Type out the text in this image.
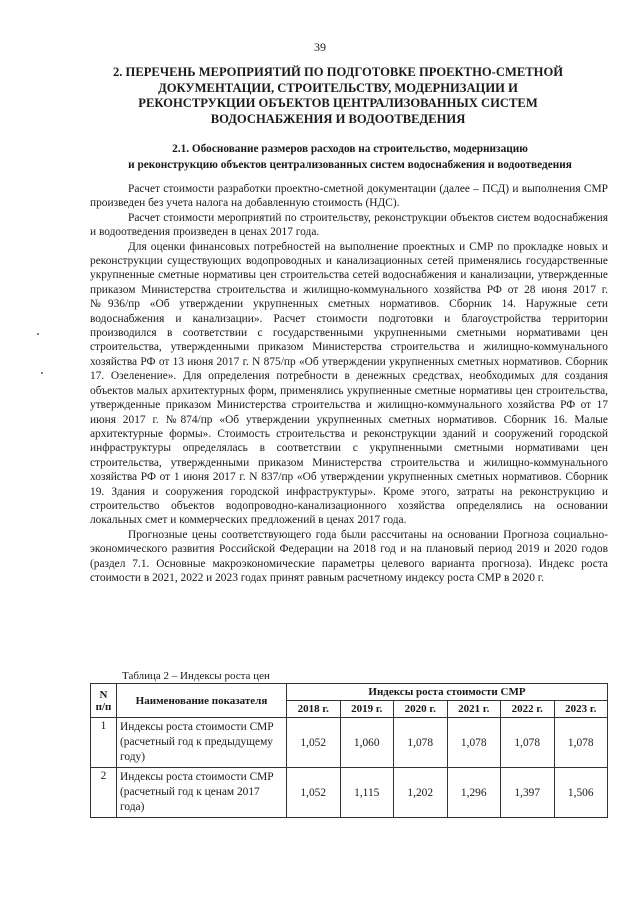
39
2. ПЕРЕЧЕНЬ МЕРОПРИЯТИЙ ПО ПОДГОТОВКЕ ПРОЕКТНО-СМЕТНОЙ
ДОКУМЕНТАЦИИ, СТРОИТЕЛЬСТВУ, МОДЕРНИЗАЦИИ И
РЕКОНСТРУКЦИИ ОБЪЕКТОВ ЦЕНТРАЛИЗОВАННЫХ СИСТЕМ
ВОДОСНАБЖЕНИЯ И ВОДООТВЕДЕНИЯ
2.1. Обоснование размеров расходов на строительство, модернизацию
и реконструкцию объектов централизованных систем водоснабжения и водоотведения

Расчет стоимости разработки проектно-сметной документации (далее – ПСД) и выполнения СМР произведен без учета налога на добавленную стоимость (НДС).

Расчет стоимости мероприятий по строительству, реконструкции объектов систем водоснабжения и водоотведения произведен в ценах 2017 года.

Для оценки финансовых потребностей на выполнение проектных и СМР по прокладке новых и реконструкции существующих водопроводных и канализационных сетей применялись государственные укрупненные сметные нормативы цен строительства сетей водоснабжения и канализации, утвержденные приказом Министерства строительства и жилищно-коммунального хозяйства РФ от 28 июня 2017 г. №936/пр «Об утверждении укрупненных сметных нормативов. Сборник 14. Наружные сети водоснабжения и канализации». Расчет стоимости подготовки и благоустройства территории производился в соответствии с государственными укрупненными сметными нормативами цен строительства, утвержденными приказом Министерства строительства и жилищно-коммунального хозяйства РФ от 13 июня 2017 г. N 875/пр «Об утверждении укрупненных сметных нормативов. Сборник 17. Озеленение». Для определения потребности в денежных средствах, необходимых для создания объектов малых архитектурных форм, применялись укрупненные сметные нормативы цен строительства, утвержденные приказом Министерства строительства и жилищно-коммунального хозяйства РФ от 17 июня 2017 г. №874/пр «Об утверждении укрупненных сметных нормативов. Сборник 16. Малые архитектурные формы». Стоимость строительства и реконструкции зданий и сооружений городской инфраструктуры определялась в соответствии с укрупненными сметными нормативами цен строительства, утвержденными приказом Министерства строительства и жилищно-коммунального хозяйства РФ от 1 июня 2017 г. N 837/пр «Об утверждении укрупненных сметных нормативов. Сборник 19. Здания и сооружения городской инфраструктуры». Кроме этого, затраты на реконструкцию и строительство объектов водопроводно-канализационного хозяйства определялись на основании локальных смет и коммерческих предложений в ценах 2017 года.

Прогнозные цены соответствующего года были рассчитаны на основании Прогноза социально-экономического развития Российской Федерации на 2018 год и на плановый период 2019 и 2020 годов (раздел 7.1. Основные макроэкономические параметры целевого варианта прогноза). Индекс роста стоимости в 2021, 2022 и 2023 годах принят равным расчетному индексу роста СМР в 2020 г.

Таблица 2 – Индексы роста цен
N п/п	Наименование показателя	Индексы роста стоимости СМР					
		2018 г.	2019 г.	2020 г.	2021 г.	2022 г.	2023 г.
1	Индексы роста стоимости СМР (расчетный год к предыдущему году)	1,052	1,060	1,078	1,078	1,078	1,078
2	Индексы роста стоимости СМР (расчетный год к ценам 2017 года)	1,052	1,115	1,202	1,296	1,397	1,506
